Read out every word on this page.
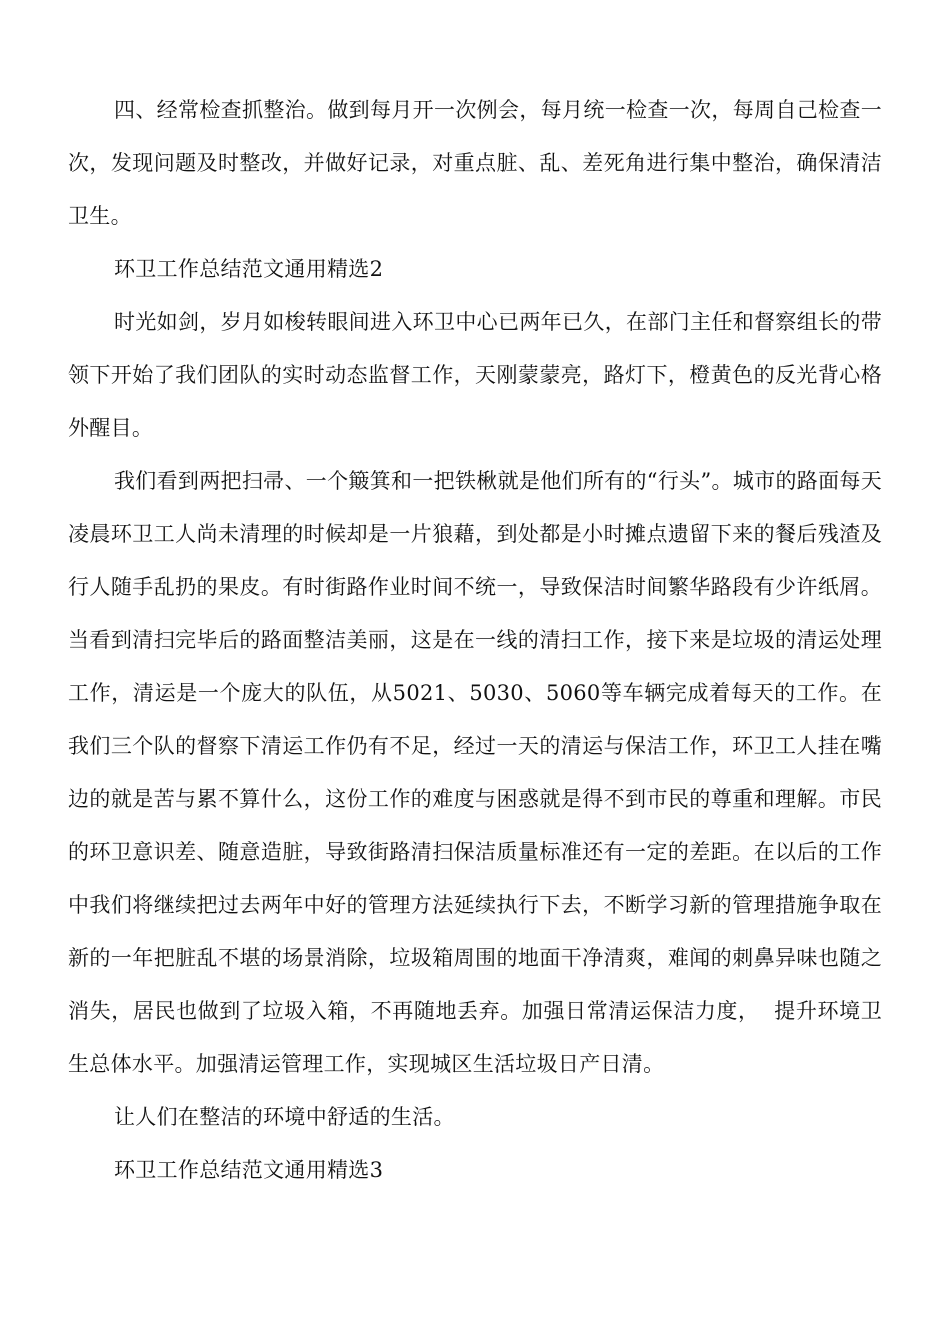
四、经常检查抓整治。做到每月开一次例会，每月统一检查一次，每周自己检查一次，发现问题及时整改，并做好记录，对重点脏、乱、差死角进行集中整治，确保清洁卫生。

环卫工作总结范文通用精选2

时光如剑，岁月如梭转眼间进入环卫中心已两年已久，在部门主任和督察组长的带领下开始了我们团队的实时动态监督工作，天刚蒙蒙亮，路灯下，橙黄色的反光背心格外醒目。

我们看到两把扫帚、一个簸箕和一把铁楸就是他们所有的“行头”。城市的路面每天凌晨环卫工人尚未清理的时候却是一片狼藉，到处都是小时摊点遗留下来的餐后残渣及行人随手乱扔的果皮。有时街路作业时间不统一，导致保洁时间繁华路段有少许纸屑。当看到清扫完毕后的路面整洁美丽，这是在一线的清扫工作，接下来是垃圾的清运处理工作，清运是一个庞大的队伍，从5021、5030、5060等车辆完成着每天的工作。在我们三个队的督察下清运工作仍有不足，经过一天的清运与保洁工作，环卫工人挂在嘴边的就是苦与累不算什么，这份工作的难度与困惑就是得不到市民的尊重和理解。市民的环卫意识差、随意造脏，导致街路清扫保洁质量标准还有一定的差距。在以后的工作中我们将继续把过去两年中好的管理方法延续执行下去，不断学习新的管理措施争取在新的一年把脏乱不堪的场景消除，垃圾箱周围的地面干净清爽，难闻的刺鼻异味也随之消失，居民也做到了垃圾入箱，不再随地丢弃。加强日常清运保洁力度，  提升环境卫生总体水平。加强清运管理工作，实现城区生活垃圾日产日清。

让人们在整洁的环境中舒适的生活。

环卫工作总结范文通用精选3
